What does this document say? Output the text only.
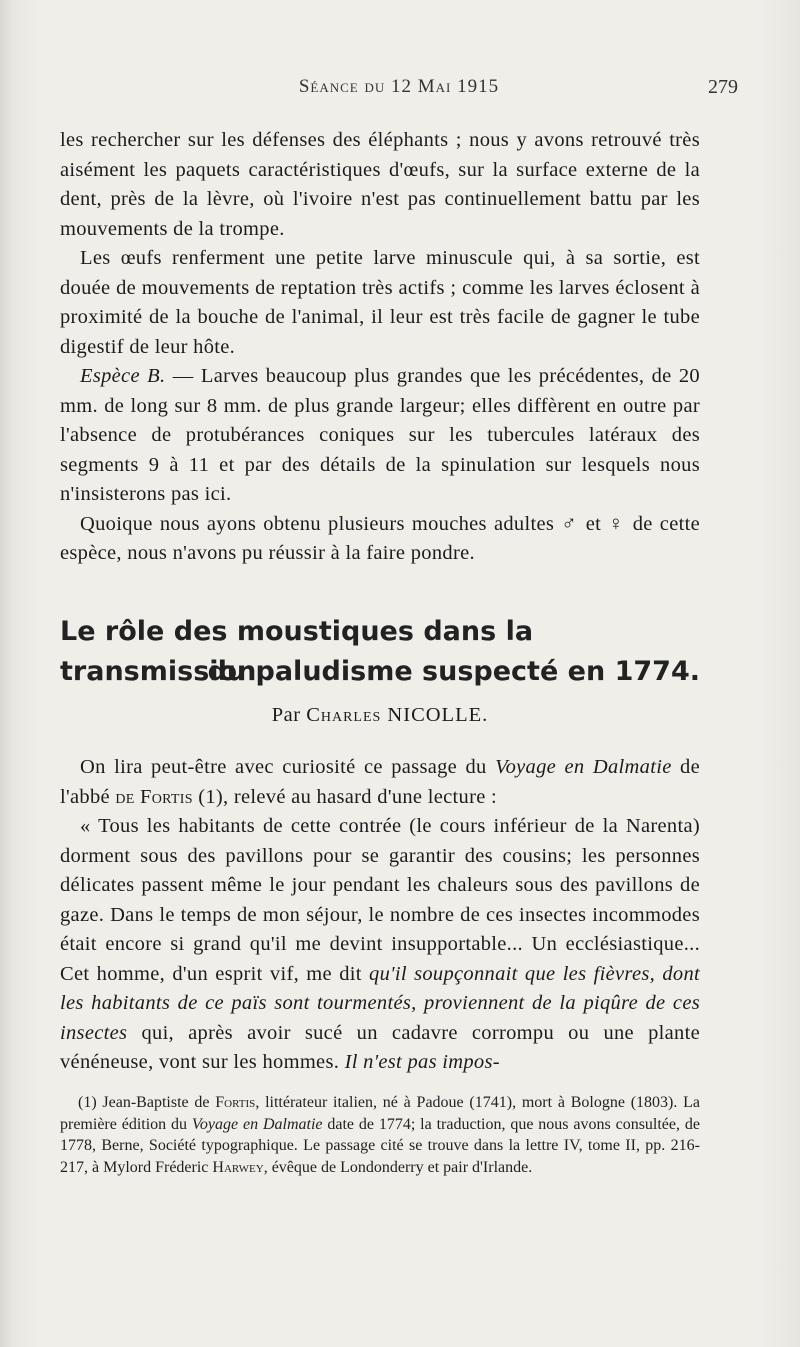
Séance du 12 Mai 1915	279

les rechercher sur les défenses des éléphants ; nous y avons retrouvé très aisément les paquets caractéristiques d'œufs, sur la surface externe de la dent, près de la lèvre, où l'ivoire n'est pas continuellement battu par les mouvements de la trompe.

Les œufs renferment une petite larve minuscule qui, à sa sortie, est douée de mouvements de reptation très actifs ; comme les larves éclosent à proximité de la bouche de l'animal, il leur est très facile de gagner le tube digestif de leur hôte.

Espèce B. — Larves beaucoup plus grandes que les précédentes, de 20 mm. de long sur 8 mm. de plus grande largeur; elles diffèrent en outre par l'absence de protubérances coniques sur les tubercules latéraux des segments 9 à 11 et par des détails de la spinulation sur lesquels nous n'insisterons pas ici.

Quoique nous ayons obtenu plusieurs mouches adultes ♂ et ♀ de cette espèce, nous n'avons pu réussir à la faire pondre.

Le rôle des moustiques dans la transmission
du paludisme suspecté en 1774.
Par Charles NICOLLE.

On lira peut-être avec curiosité ce passage du Voyage en Dalmatie de l'abbé de Fortis (1), relevé au hasard d'une lecture :

« Tous les habitants de cette contrée (le cours inférieur de la Narenta) dorment sous des pavillons pour se garantir des cousins; les personnes délicates passent même le jour pendant les chaleurs sous des pavillons de gaze. Dans le temps de mon séjour, le nombre de ces insectes incommodes était encore si grand qu'il me devint insupportable... Un ecclésiastique... Cet homme, d'un esprit vif, me dit qu'il soupçonnait que les fièvres, dont les habitants de ce païs sont tourmentés, proviennent de la piqûre de ces insectes qui, après avoir sucé un cadavre corrompu ou une plante vénéneuse, vont sur les hommes. Il n'est pas impos-

(1) Jean-Baptiste de Fortis, littérateur italien, né à Padoue (1741), mort à Bologne (1803). La première édition du Voyage en Dalmatie date de 1774; la traduction, que nous avons consultée, de 1778, Berne, Société typographique. Le passage cité se trouve dans la lettre IV, tome II, pp. 216-217, à Mylord Fréderic Harwey, évêque de Londonderry et pair d'Irlande.
